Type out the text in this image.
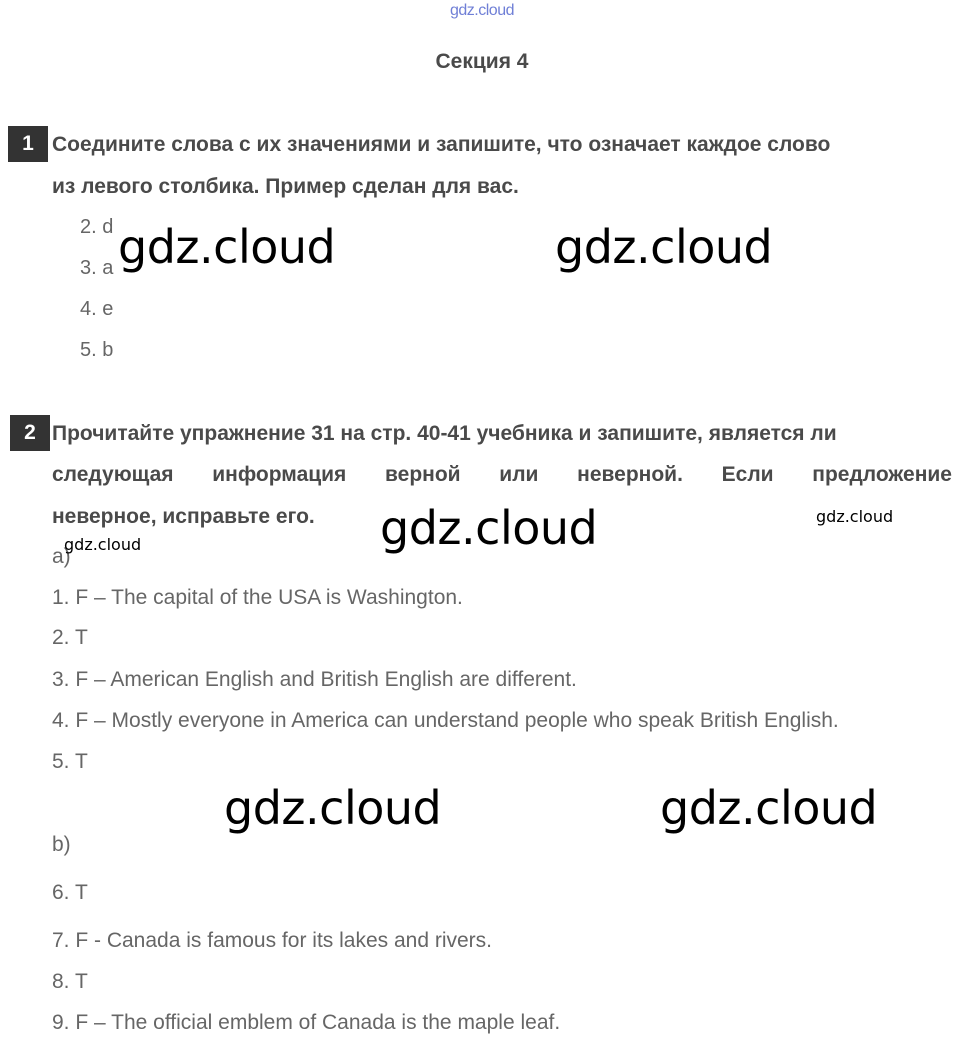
gdz.cloud
Секция 4
1 Соедините слова с их значениями и запишите, что означает каждое слово
из левого столбика. Пример сделан для вас.
2. d
3. a
4. e
5. b
2 Прочитайте упражнение 31 на стр. 40-41 учебника и запишите, является ли
следующая информация верной или неверной. Если предложение
неверное, исправьте его.
a)
1. F – The capital of the USA is Washington.
2. T
3. F – American English and British English are different.
4. F – Mostly everyone in America can understand people who speak British English.
5. T
b)
6. T
7. F - Canada is famous for its lakes and rivers.
8. T
9. F – The official emblem of Canada is the maple leaf.
gdz.cloud	gdz.cloud
gdz.cloud	gdz.cloud
gdz.cloud
gdz.cloud	gdz.cloud
